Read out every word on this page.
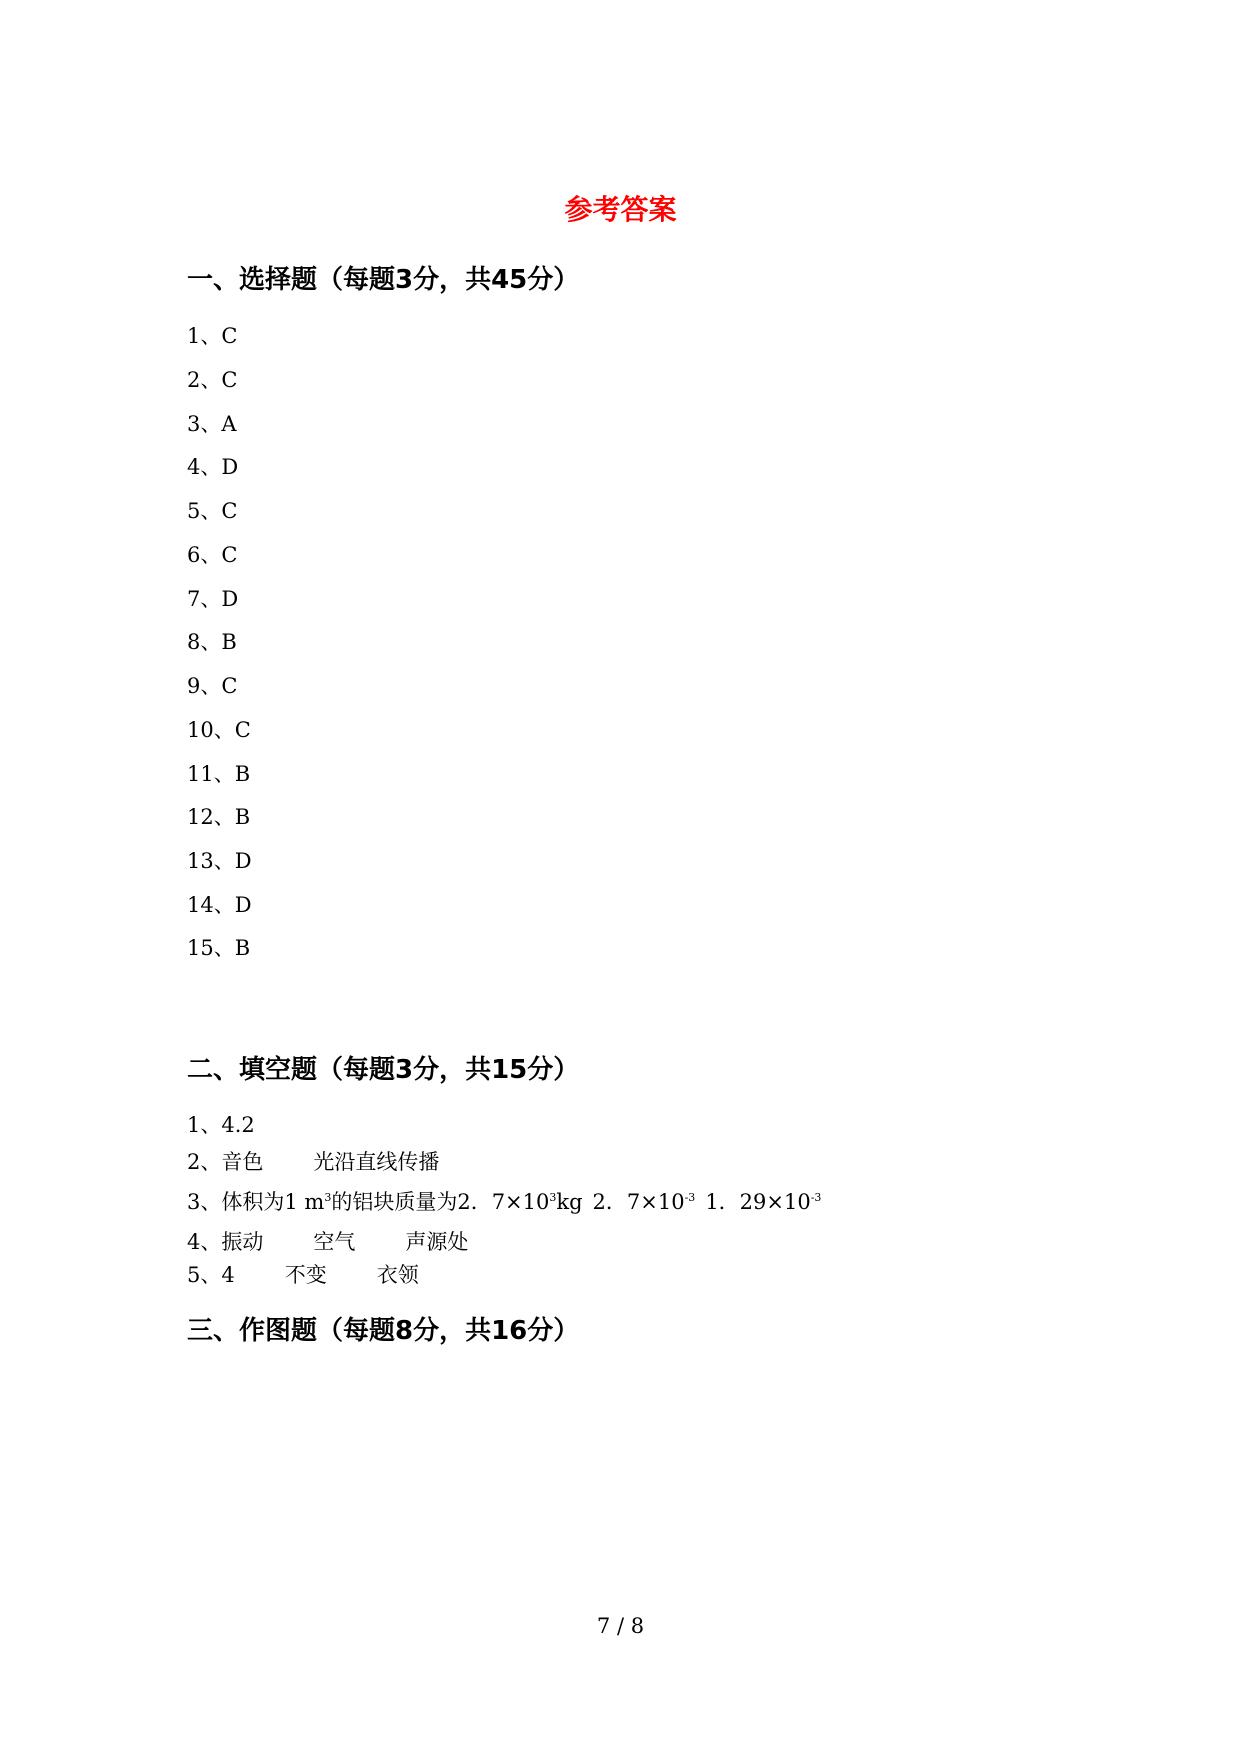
参考答案
一、选择题（每题3分，共45分）
1、C
2、C
3、A
4、D
5、C
6、C
7、D
8、B
9、C
10、C
11、B
12、B
13、D
14、D
15、B
二、填空题（每题3分，共15分）
1、4.2
2、音色 光沿直线传播
3、体积为1 $m^3$的铝块质量为2．$7\times 10^3kg$ 2．$7\times 10^{-3}$ 1．$29\times 10^{-3}$
4、振动 空气 声源处
5、4 不变 衣领
三、作图题（每题8分，共16分）
7 / 8
